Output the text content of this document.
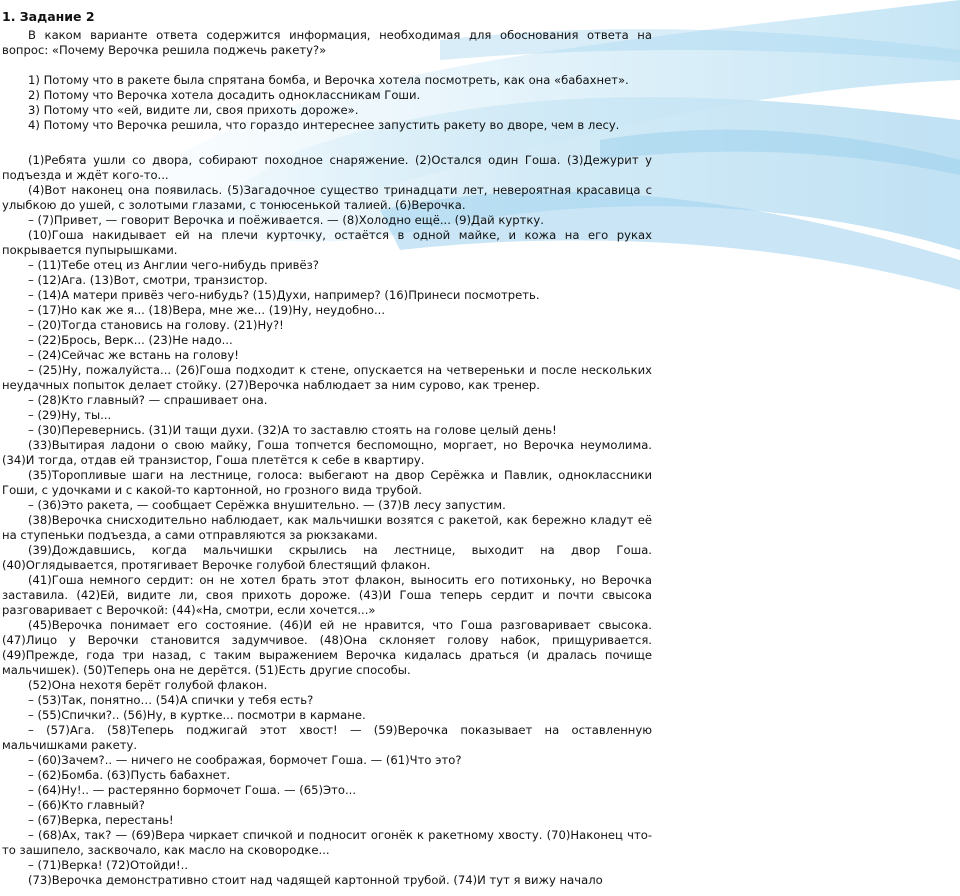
1. Задание 2

В каком варианте ответа содержится информация, необходимая для обоснования ответа на вопрос: «Почему Верочка решила поджечь ракету?»

1) Потому что в ракете была спрятана бомба, и Верочка хотела посмотреть, как она «бабахнет».

2) Потому что Верочка хотела досадить одноклассникам Гоши.

3) Потому что «ей, видите ли, своя прихоть дороже».

4) Потому что Верочка решила, что гораздо интереснее запустить ракету во дворе, чем в лесу.

(1)Ребята ушли со двора, собирают походное снаряжение. (2)Остался один Гоша. (3)Дежурит у подъезда и ждёт кого-то...

(4)Вот наконец она появилась. (5)Загадочное существо тринадцати лет, невероятная красавица с улыбкою до ушей, с золотыми глазами, с тонюсенькой талией. (6)Верочка.

– (7)Привет, — говорит Верочка и поёживается. — (8)Холодно ещё... (9)Дай куртку.

(10)Гоша накидывает ей на плечи курточку, остаётся в одной майке, и кожа на его руках покрывается пупырышками.

– (11)Тебе отец из Англии чего-нибудь привёз?

– (12)Ага. (13)Вот, смотри, транзистор.

– (14)А матери привёз чего-нибудь? (15)Духи, например? (16)Принеси посмотреть.

– (17)Но как же я... (18)Вера, мне же... (19)Ну, неудобно...

– (20)Тогда становись на голову. (21)Ну?!

– (22)Брось, Верк... (23)Не надо...

– (24)Сейчас же встань на голову!

– (25)Ну, пожалуйста... (26)Гоша подходит к стене, опускается на четвереньки и после нескольких неудачных попыток делает стойку. (27)Верочка наблюдает за ним сурово, как тренер.

– (28)Кто главный? — спрашивает она.

– (29)Ну, ты...

– (30)Перевернись. (31)И тащи духи. (32)А то заставлю стоять на голове целый день!

(33)Вытирая ладони о свою майку, Гоша топчется беспомощно, моргает, но Верочка неумолима. (34)И тогда, отдав ей транзистор, Гоша плетётся к себе в квартиру.

(35)Торопливые шаги на лестнице, голоса: выбегают на двор Серёжка и Павлик, одноклассники Гоши, с удочками и с какой-то картонной, но грозного вида трубой.

– (36)Это ракета, — сообщает Серёжка внушительно. — (37)В лесу запустим.

(38)Верочка снисходительно наблюдает, как мальчишки возятся с ракетой, как бережно кладут её на ступеньки подъезда, а сами отправляются за рюкзаками.

(39)Дождавшись, когда мальчишки скрылись на лестнице, выходит на двор Гоша. (40)Оглядывается, протягивает Верочке голубой блестящий флакон.

(41)Гоша немного сердит: он не хотел брать этот флакон, выносить его потихоньку, но Верочка заставила. (42)Ей, видите ли, своя прихоть дороже. (43)И Гоша теперь сердит и почти свысока разговаривает с Верочкой: (44)«На, смотри, если хочется...»

(45)Верочка понимает его состояние. (46)И ей не нравится, что Гоша разговаривает свысока. (47)Лицо у Верочки становится задумчивое. (48)Она склоняет голову набок, прищуривается. (49)Прежде, года три назад, с таким выражением Верочка кидалась драться (и дралась почище мальчишек). (50)Теперь она не дерётся. (51)Есть другие способы.

(52)Она нехотя берёт голубой флакон.

– (53)Так, понятно… (54)А спички у тебя есть?

– (55)Спички?.. (56)Ну, в куртке... посмотри в кармане.

– (57)Ага. (58)Теперь поджигай этот хвост! — (59)Верочка показывает на оставленную мальчишками ракету.

– (60)Зачем?.. — ничего не соображая, бормочет Гоша. — (61)Что это?

– (62)Бомба. (63)Пусть бабахнет.

– (64)Ну!.. — растерянно бормочет Гоша. — (65)Это...

– (66)Кто главный?

– (67)Верка, перестань!

– (68)Ах, так? — (69)Вера чиркает спичкой и подносит огонёк к ракетному хвосту. (70)Наконец что-то зашипело, засквочало, как масло на сковородке...

– (71)Верка! (72)Отойди!..

(73)Верочка демонстративно стоит над чадящей картонной трубой. (74)И тут я вижу начало
